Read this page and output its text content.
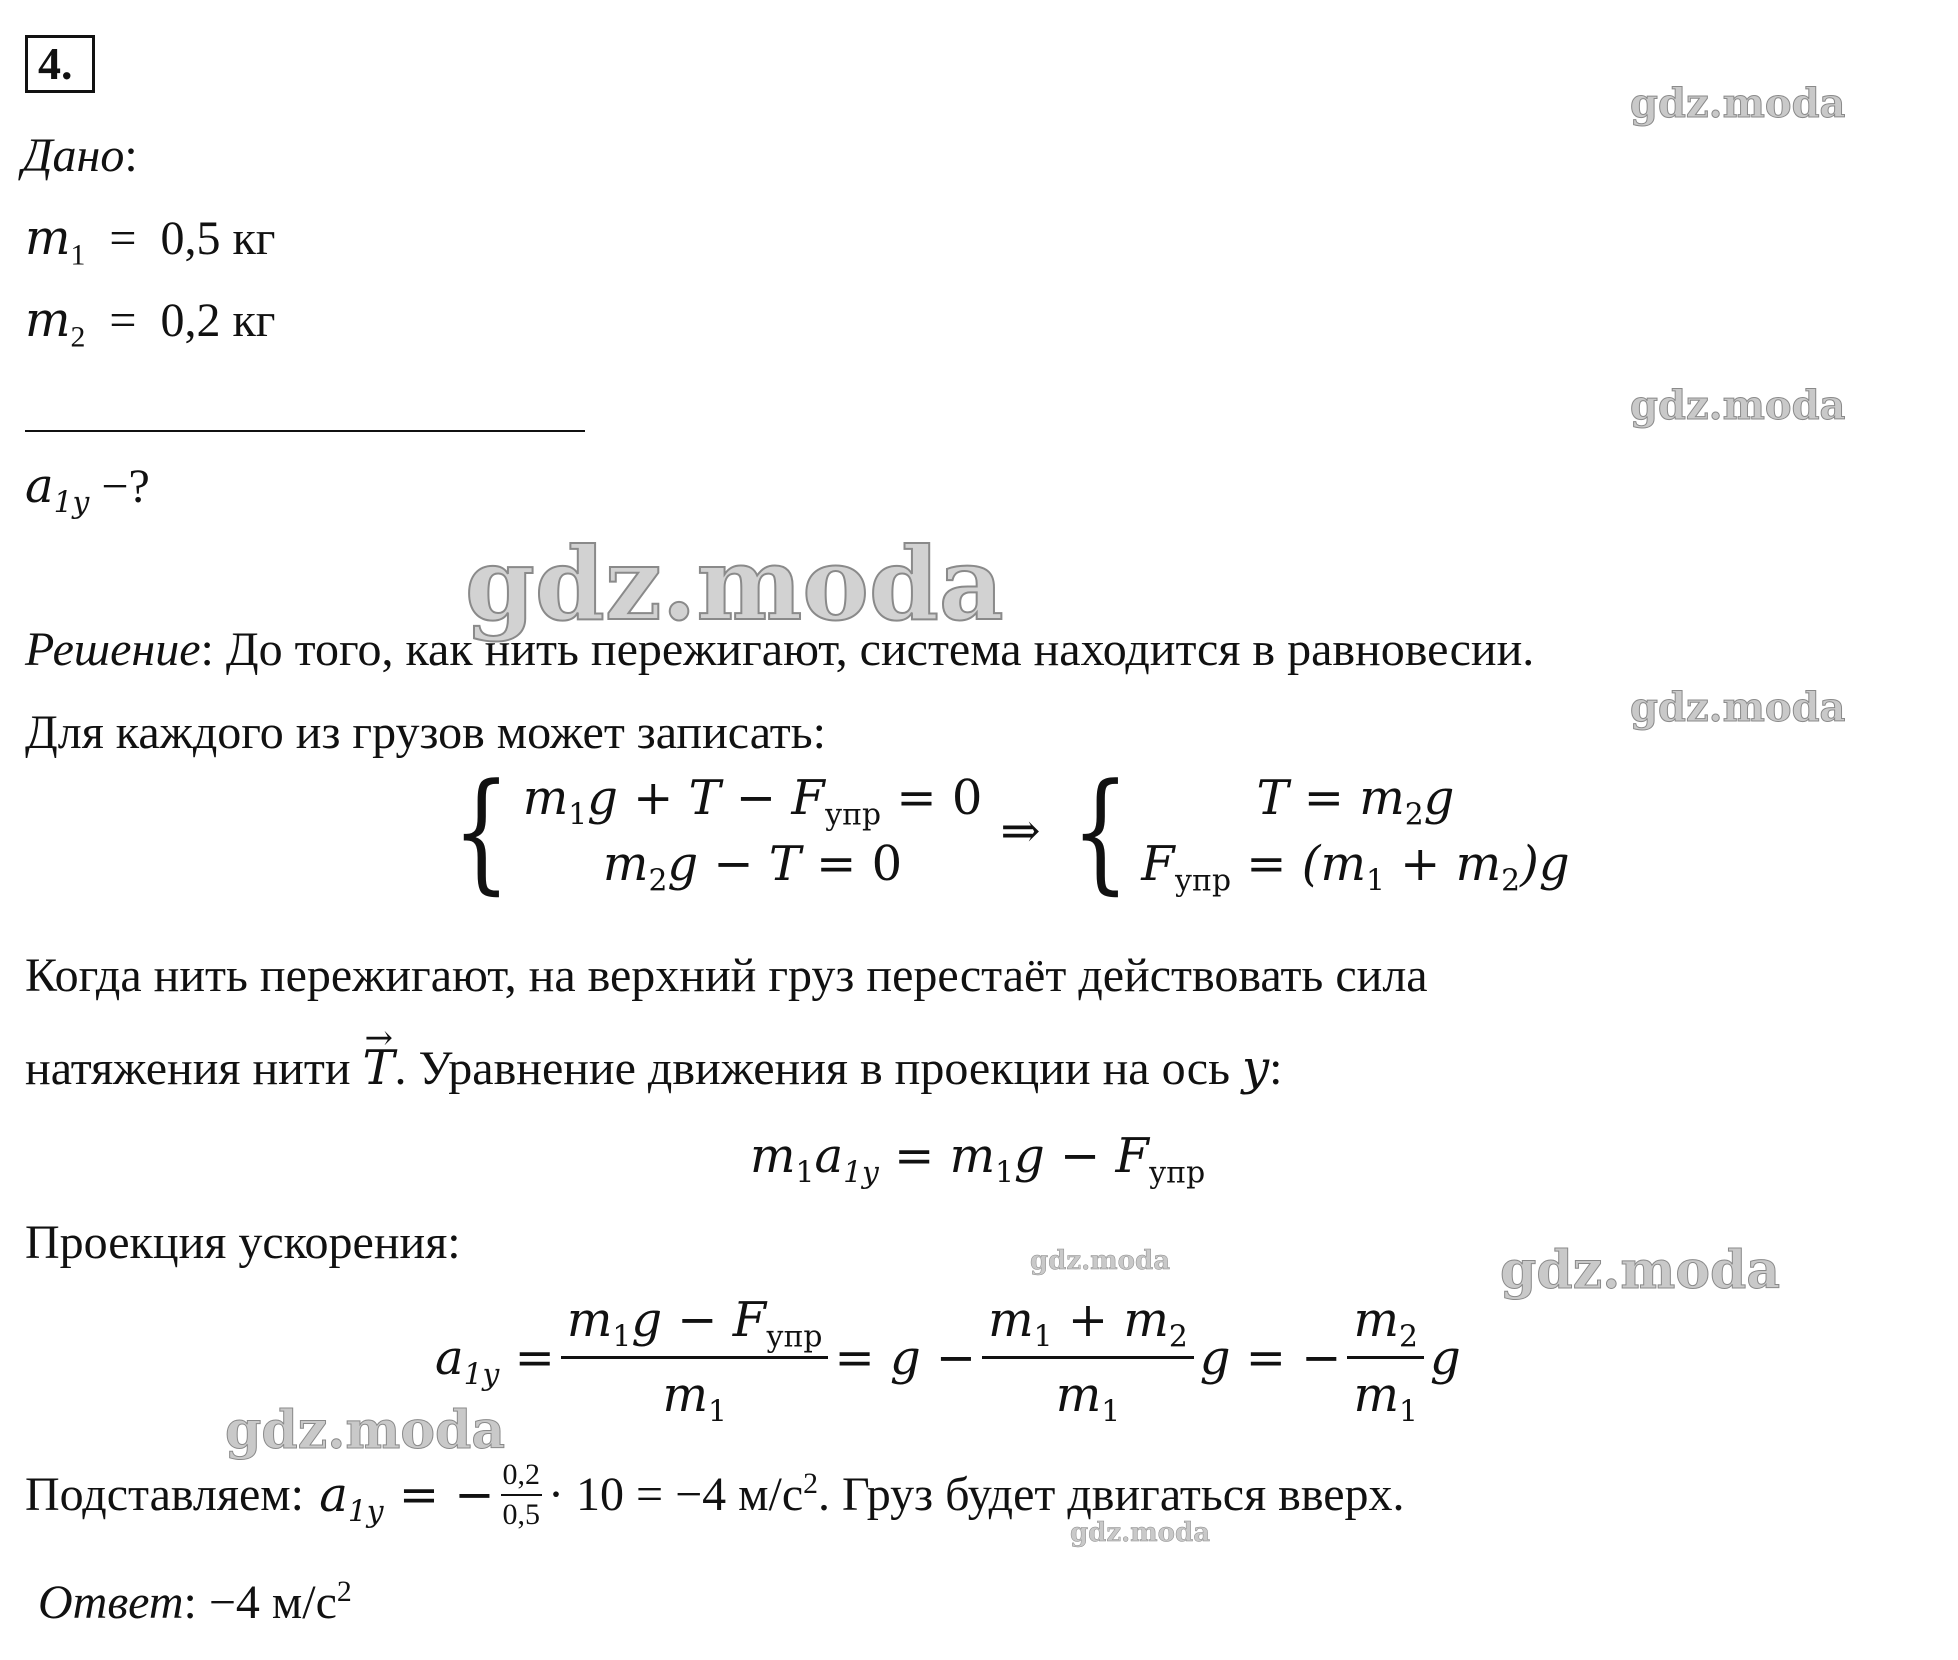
4.
Дано:
$m_1 = 0,5$ кг
$m_2 = 0,2$ кг
$a_{1y}$ −?
Решение: До того, как нить пережигают, система находится в равновесии.
Для каждого из грузов может записать:
{ $m_1g + T - F_{упр} = 0$
$m_2g - T = 0$
⇒ {	$T = m_2g$
$F_{упр} = (m_1 + m_2)g$
Когда нить пережигают, на верхний груз перестаёт действовать сила
натяжения нити → T. Уравнение движения в проекции на ось y:
$m_1a_{1y} = m_1g - F_{упр}$
Проекция ускорения:
$a_{1y} = \frac{m_1g - F_{упр}}{m_1} = g - \frac{m_1 + m_2}{m_1}$ g = − $\frac{m_2}{m_1}$ g
Подставляем: $a_{1y}$ = − $\frac{0,2}{0,5} \cdot 10 = -4$ $м/с^2$ . Груз будет двигаться вверх.
Ответ: −4 $м/с^2$
gdz.moda
gdz.moda
gdz.moda
gdz.moda
gdz.moda	gdz.moda
gdz.moda
gdz.moda
